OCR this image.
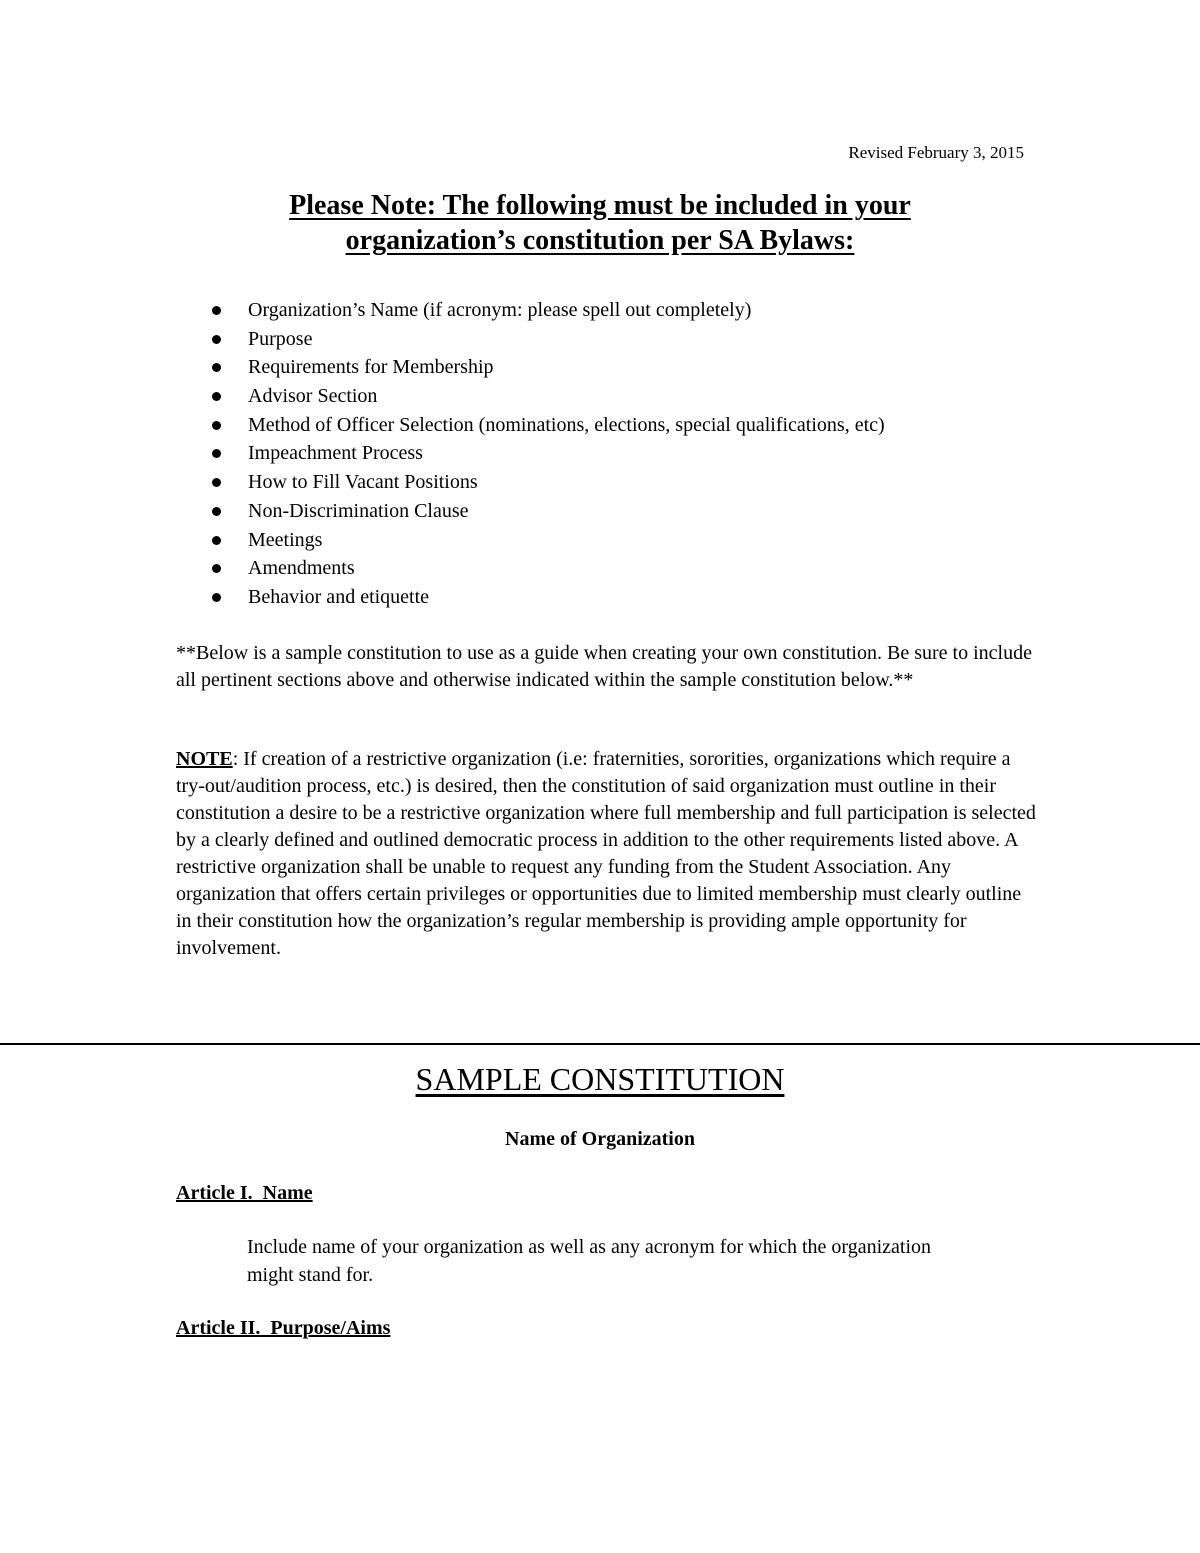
Revised February 3, 2015
Please Note: The following must be included in your
organization’s constitution per SA Bylaws:
Organization’s Name (if acronym: please spell out completely)
Purpose
Requirements for Membership
Advisor Section
Method of Officer Selection (nominations, elections, special qualifications, etc)
Impeachment Process
How to Fill Vacant Positions
Non-Discrimination Clause
Meetings
Amendments
Behavior and etiquette

**Below is a sample constitution to use as a guide when creating your own constitution. Be sure to include all pertinent sections above and otherwise indicated within the sample constitution below.**

NOTE: If creation of a restrictive organization (i.e: fraternities, sororities, organizations which require a try-out/audition process, etc.) is desired, then the constitution of said organization must outline in their constitution a desire to be a restrictive organization where full membership and full participation is selected by a clearly defined and outlined democratic process in addition to the other requirements listed above. A restrictive organization shall be unable to request any funding from the Student Association. Any organization that offers certain privileges or opportunities due to limited membership must clearly outline in their constitution how the organization’s regular membership is providing ample opportunity for involvement.

SAMPLE CONSTITUTION
Name of Organization
Article I.  Name

Include name of your organization as well as any acronym for which the organization might stand for.

Article II.  Purpose/Aims
